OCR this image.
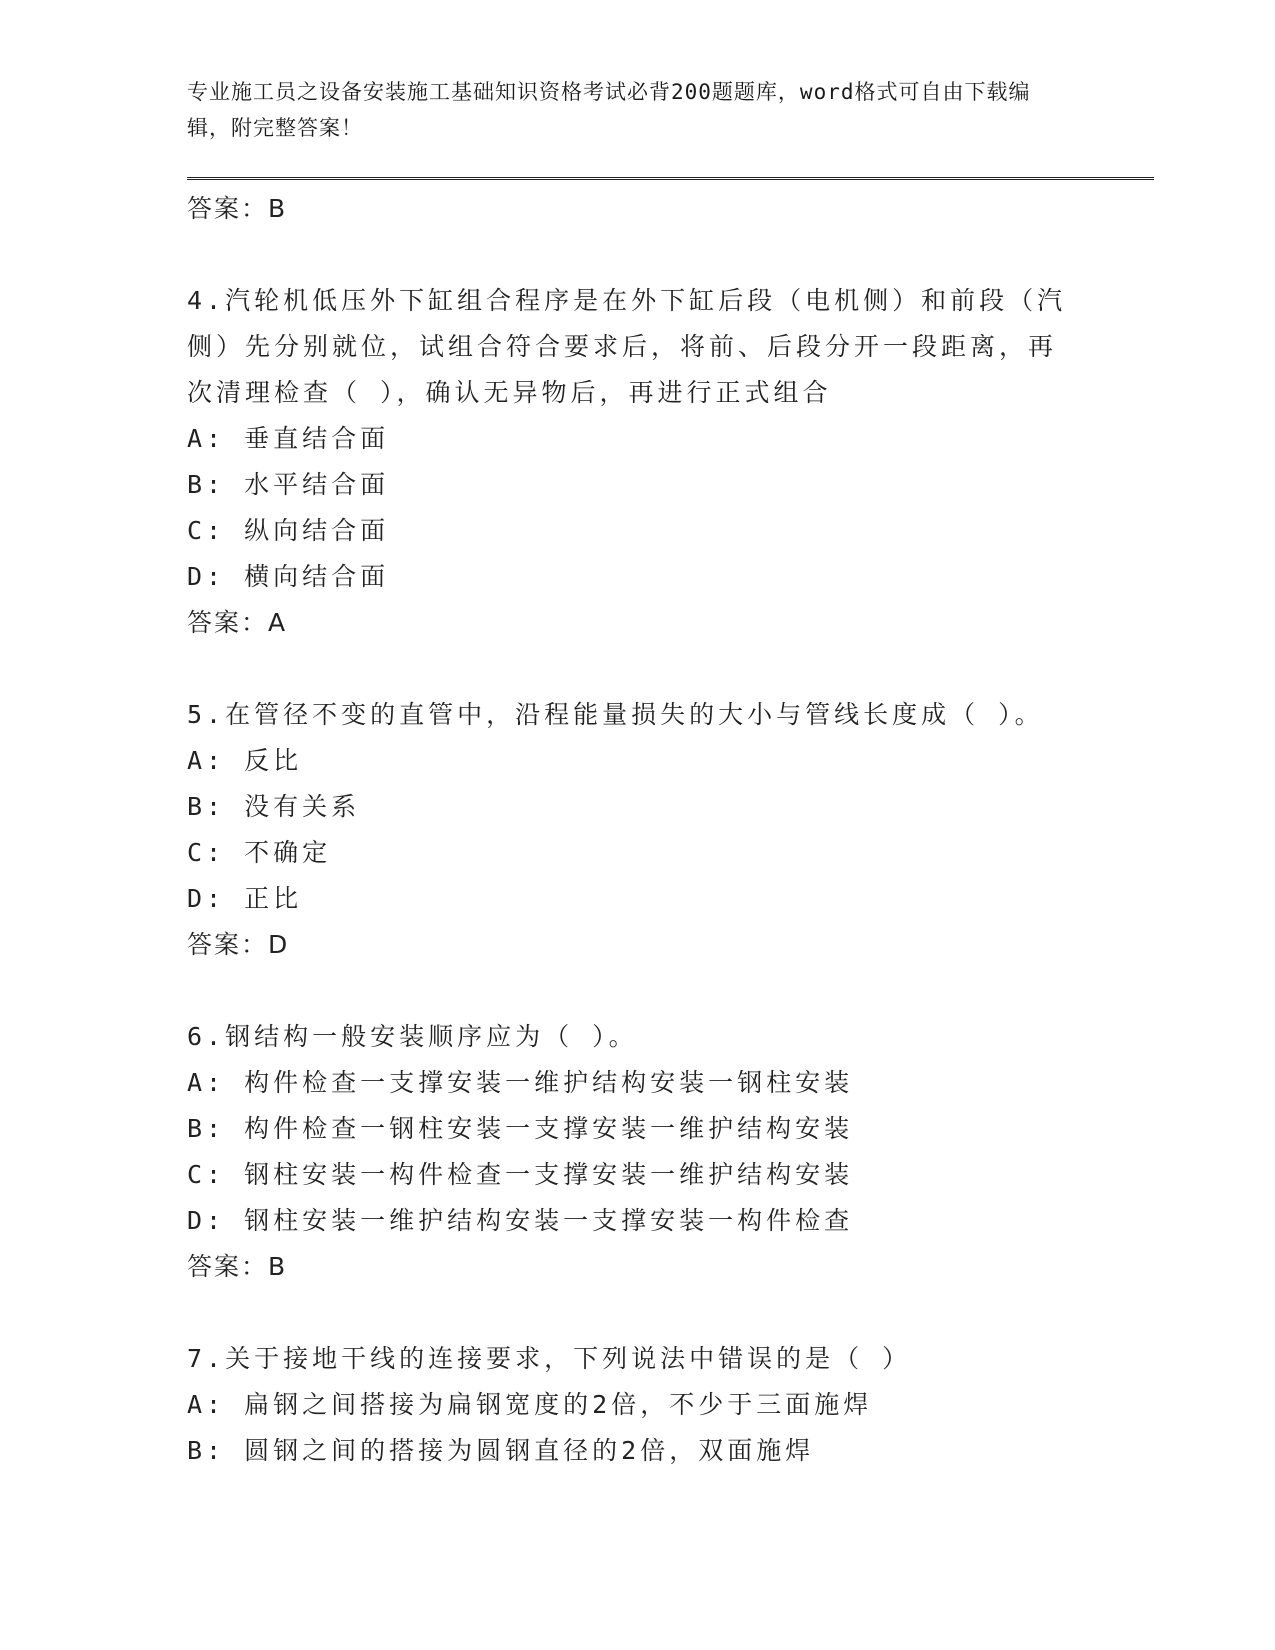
专业施工员之设备安装施工基础知识资格考试必背200题题库，word格式可自由下载编辑，附完整答案！
答案：B
4.汽轮机低压外下缸组合程序是在外下缸后段（电机侧）和前段（汽侧）先分别就位，试组合符合要求后，将前、后段分开一段距离，再次清理检查（ ），确认无异物后，再进行正式组合
A: 垂直结合面
B: 水平结合面
C: 纵向结合面
D: 横向结合面
答案：A
5.在管径不变的直管中，沿程能量损失的大小与管线长度成（ ）。
A: 反比
B: 没有关系
C: 不确定
D: 正比
答案：D
6.钢结构一般安装顺序应为（ ）。
A: 构件检查一支撑安装一维护结构安装一钢柱安装
B: 构件检查一钢柱安装一支撑安装一维护结构安装
C: 钢柱安装一构件检查一支撑安装一维护结构安装
D: 钢柱安装一维护结构安装一支撑安装一构件检查
答案：B
7.关于接地干线的连接要求，下列说法中错误的是（ ）
A: 扁钢之间搭接为扁钢宽度的2倍，不少于三面施焊
B: 圆钢之间的搭接为圆钢直径的2倍，双面施焊
